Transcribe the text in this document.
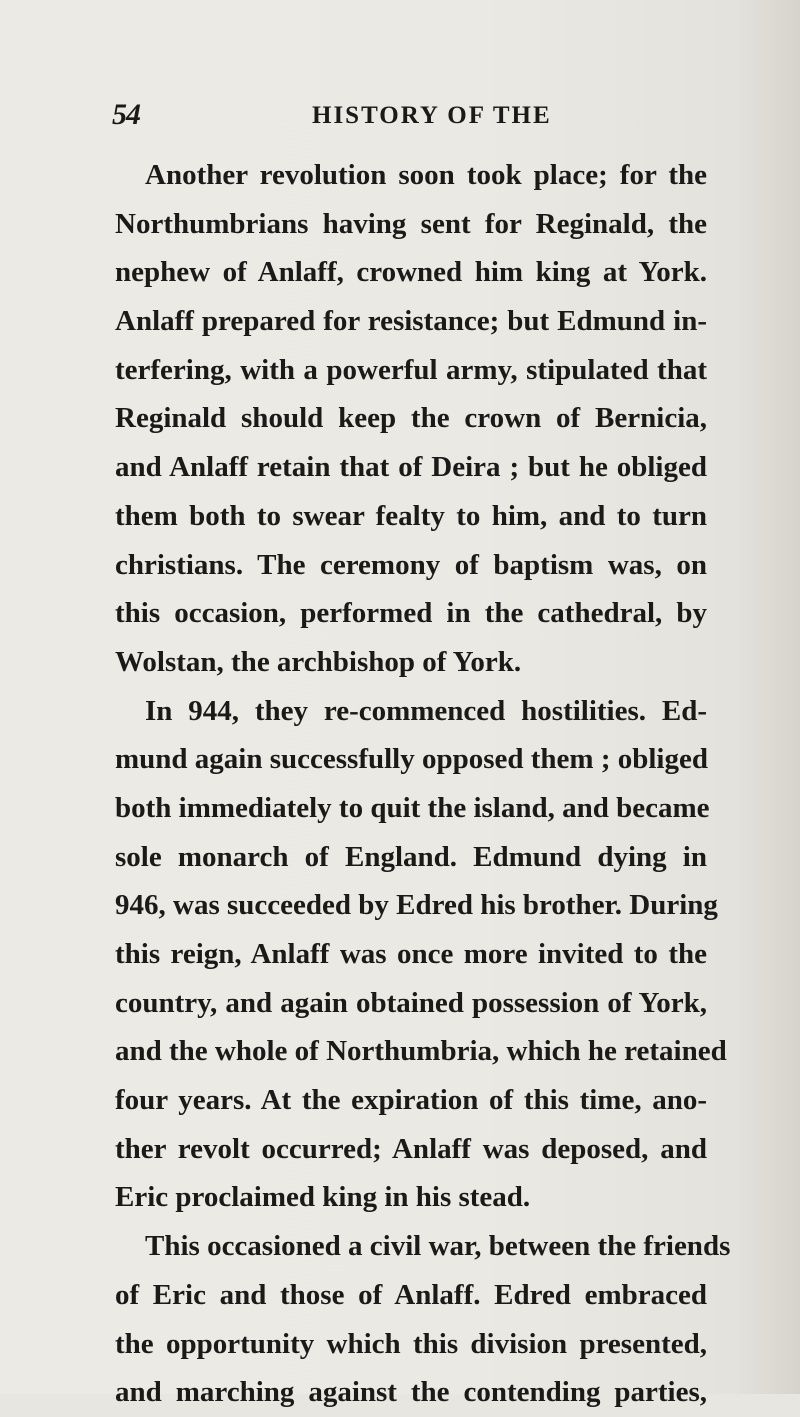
54	HISTORY OF THE
Another revolution soon took place; for the
Northumbrians having sent for Reginald, the
nephew of Anlaff, crowned him king at York.
Anlaff prepared for resistance; but Edmund in-
terfering, with a powerful army, stipulated that
Reginald should keep the crown of Bernicia,
and Anlaff retain that of Deira ; but he obliged
them both to swear fealty to him, and to turn
christians. The ceremony of baptism was, on
this occasion, performed in the cathedral, by
Wolstan, the archbishop of York.
In 944, they re-commenced hostilities. Ed-
mund again successfully opposed them ; obliged
both immediately to quit the island, and became
sole monarch of England. Edmund dying in
946, was succeeded by Edred his brother. During
this reign, Anlaff was once more invited to the
country, and again obtained possession of York,
and the whole of Northumbria, which he retained
four years. At the expiration of this time, ano-
ther revolt occurred; Anlaff was deposed, and
Eric proclaimed king in his stead.
This occasioned a civil war, between the friends
of Eric and those of Anlaff. Edred embraced
the opportunity which this division presented,
and marching against the contending parties,
